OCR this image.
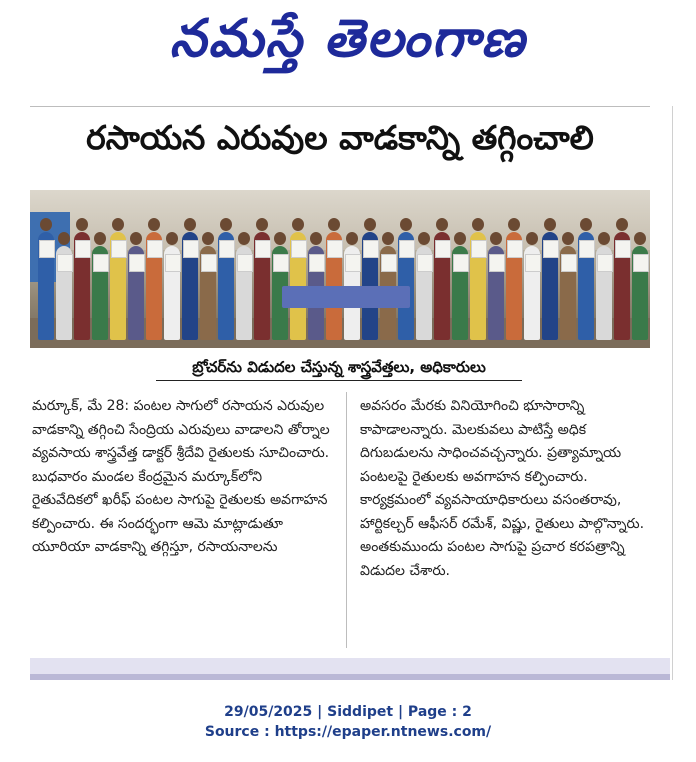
నమస్తే తెలంగాణ
రసాయన ఎరువుల వాడకాన్ని తగ్గించాలి
బ్రోచర్‌ను విడుదల చేస్తున్న శాస్త్రవేత్తలు, అధికారులు
మర్కూక్‌, మే 28: పంటల సాగులో రసాయన ఎరువుల వాడకాన్ని తగ్గించి సేంద్రియ ఎరువులు వాడాలని తోర్నాల వ్యవసాయ శాస్త్రవేత్త డాక్టర్‌ శ్రీదేవి రైతులకు సూచించారు. బుధవారం మండల కేంద్రమైన మర్కూక్‌లోని రైతువేదికలో ఖరీఫ్‌ పంటల సాగుపై రైతులకు అవగాహన కల్పించారు. ఈ సందర్భంగా ఆమె మాట్లాడుతూ యూరియా వాడకాన్ని తగ్గిస్తూ, రసాయనాలను
అవసరం మేరకు వినియోగించి భూసారాన్ని కాపాడాలన్నారు. మెలకువలు పాటిస్తే అధిక దిగుబడులను సాధించవచ్చన్నారు. ప్రత్యామ్నాయ పంటలపై రైతులకు అవగాహన కల్పించారు. కార్యక్రమంలో వ్యవసాయాధికారులు వసంతరావు, హార్టికల్చర్‌ ఆఫీసర్‌ రమేశ్‌, విష్ణు, రైతులు పాల్గొన్నారు. అంతకుముందు పంటల సాగుపై ప్రచార కరపత్రాన్ని విడుదల చేశారు.
29/05/2025 | Siddipet | Page : 2
Source : https://epaper.ntnews.com/
